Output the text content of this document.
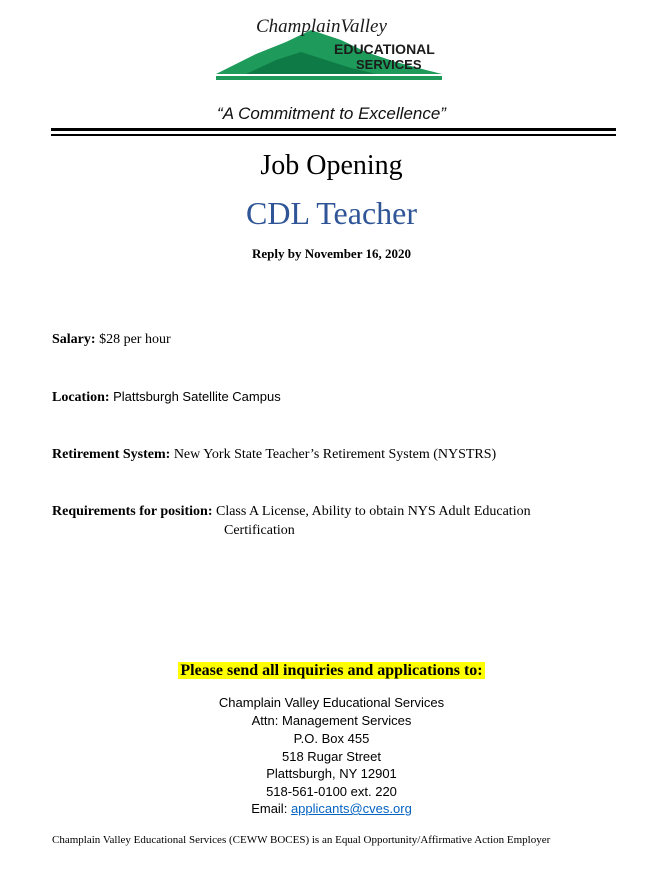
ChamplainValley
EDUCATIONAL
SERVICES
“A Commitment to Excellence”
Job Opening
CDL Teacher
Reply by November 16, 2020
Salary: $28 per hour
Location: Plattsburgh Satellite Campus
Retirement System: New York State Teacher’s Retirement System (NYSTRS)
Requirements for position: Class A License, Ability to obtain NYS Adult Education
Certification
Please send all inquiries and applications to:
Champlain Valley Educational Services
Attn: Management Services
P.O. Box 455
518 Rugar Street
Plattsburgh, NY 12901
518-561-0100 ext. 220
Email: applicants@cves.org
Champlain Valley Educational Services (CEWW BOCES) is an Equal Opportunity/Affirmative Action Employer
